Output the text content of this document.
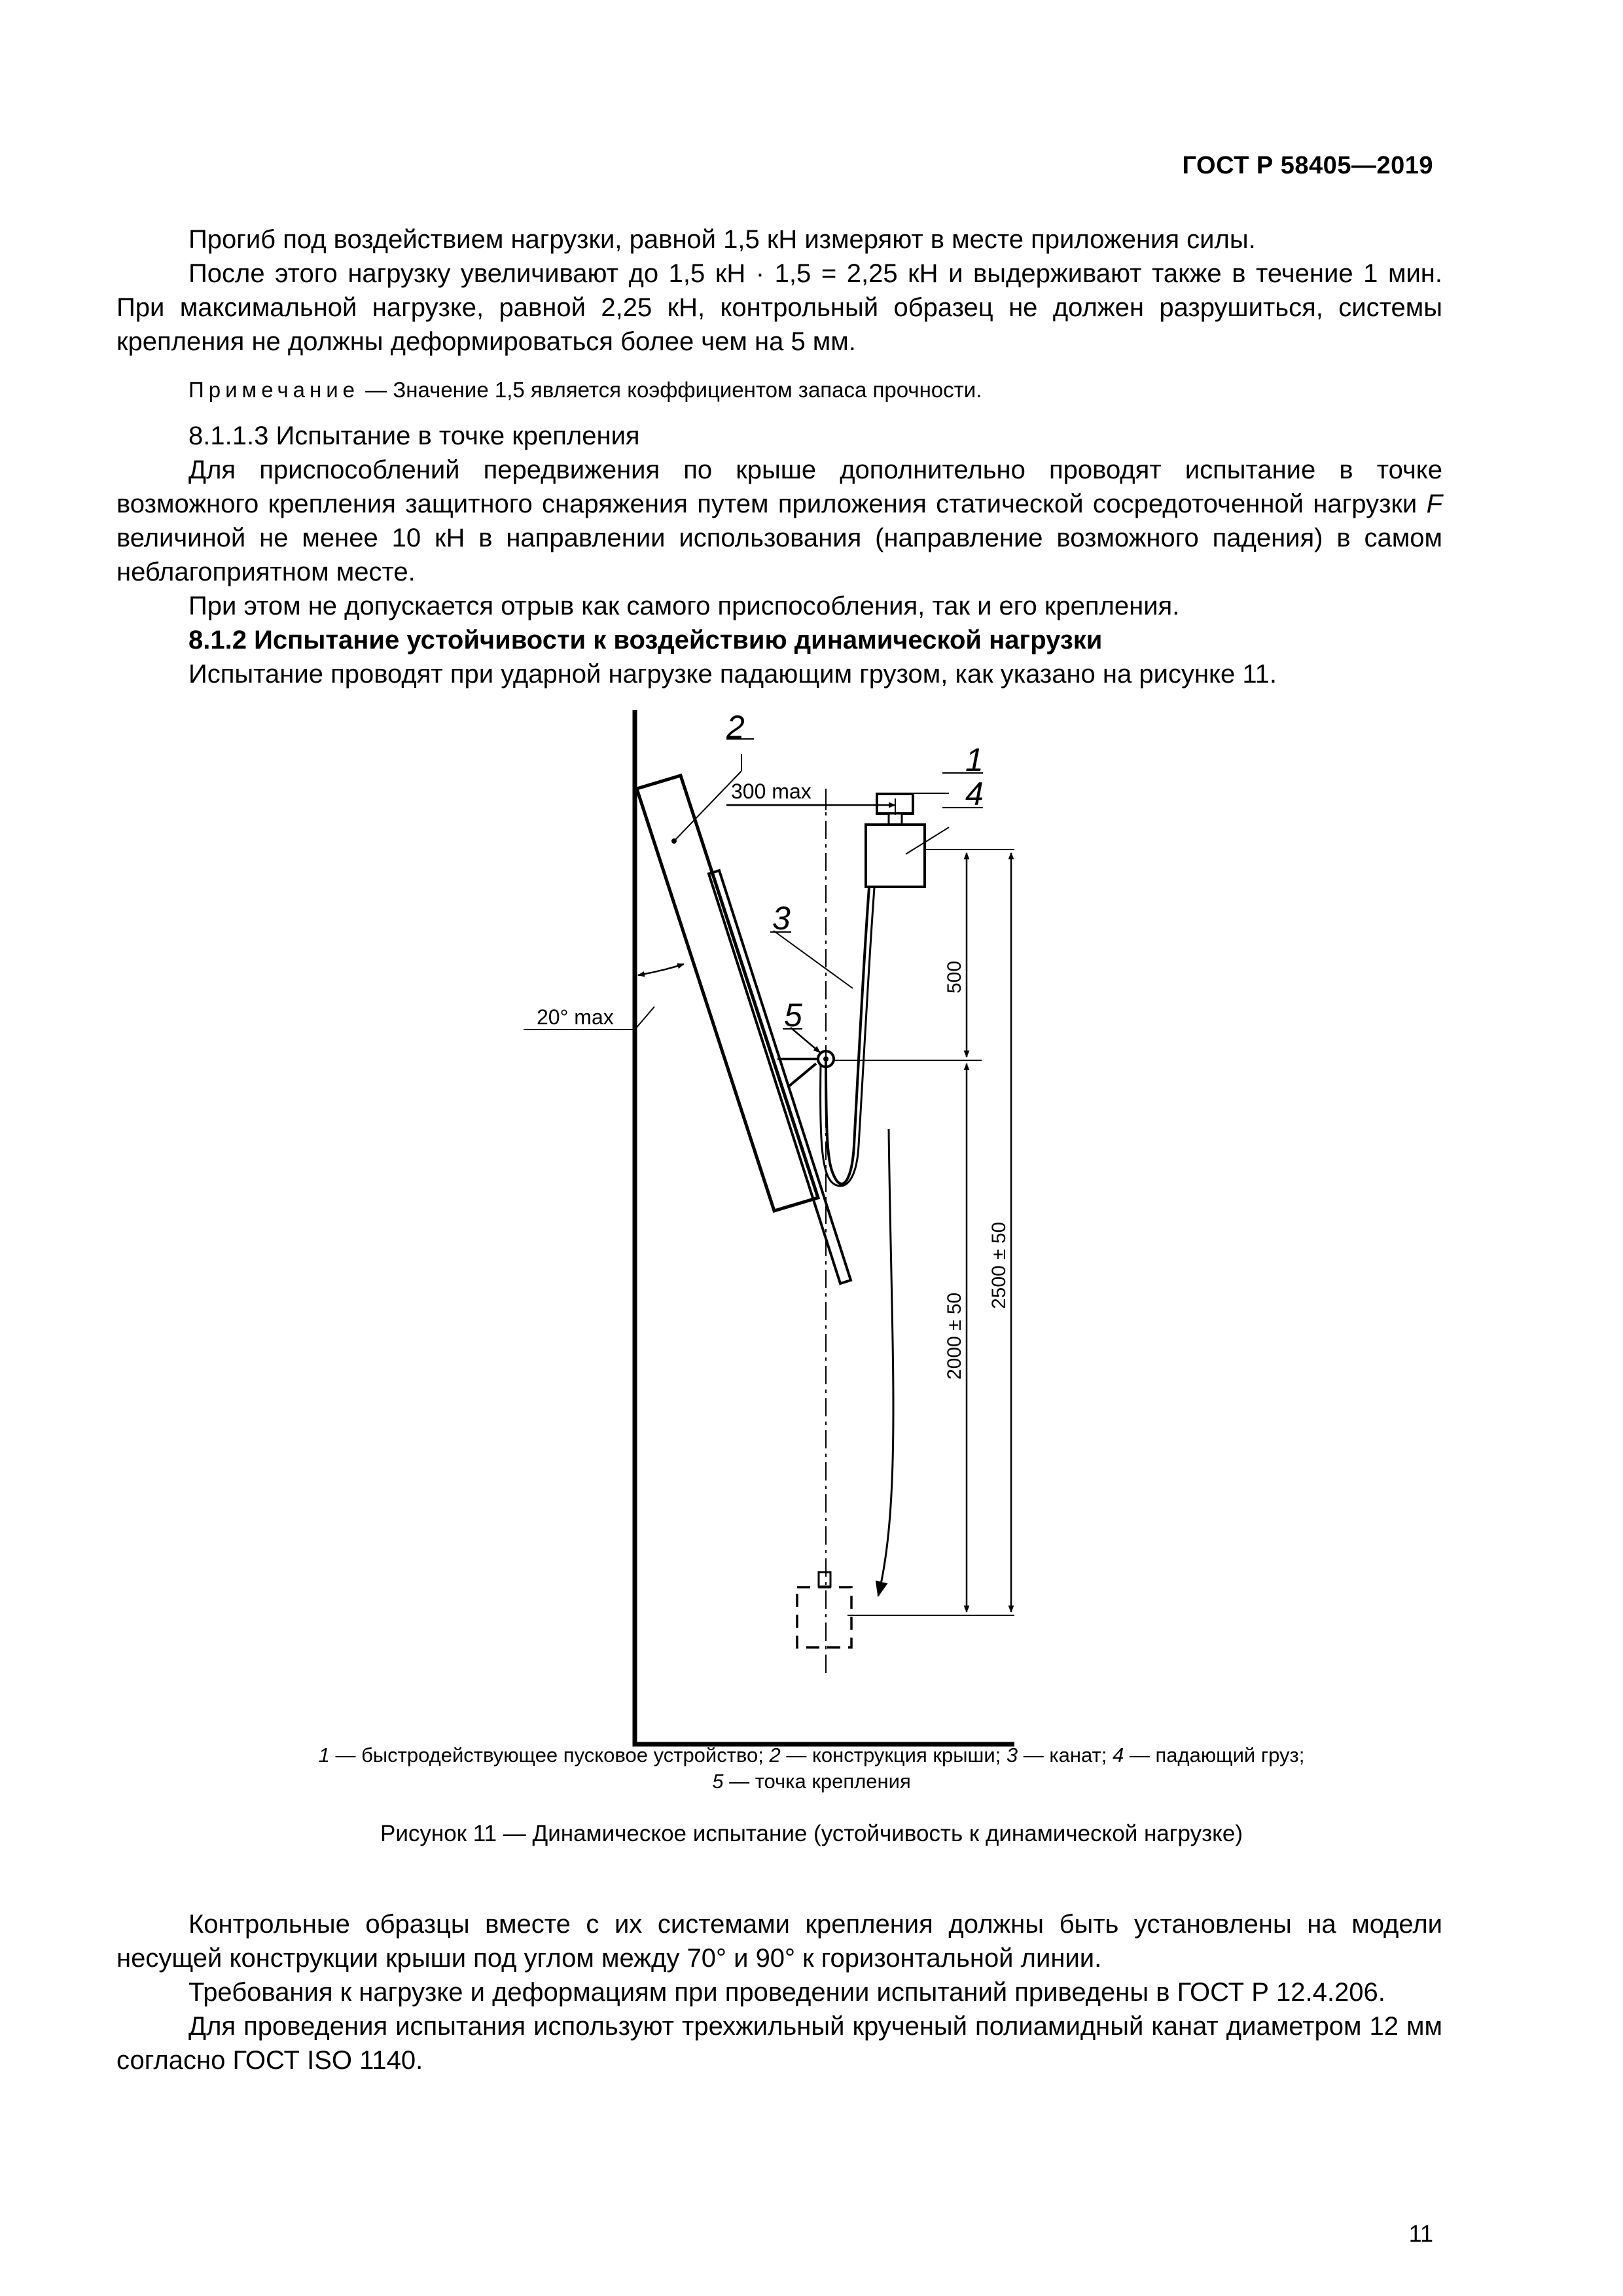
ГОСТ Р 58405—2019

Прогиб под воздействием нагрузки, равной 1,5 кН измеряют в месте приложения силы.

После этого нагрузку увеличивают до 1,5 кН · 1,5 = 2,25 кН и выдерживают также в течение 1 мин. При максимальной нагрузке, равной 2,25 кН, контрольный образец не должен разрушиться, системы крепления не должны деформироваться более чем на 5 мм.

Примечание — Значение 1,5 является коэффициентом запаса прочности.

8.1.1.3 Испытание в точке крепления

Для приспособлений передвижения по крыше дополнительно проводят испытание в точке возможного крепления защитного снаряжения путем приложения статической сосредоточенной нагрузки F величиной не менее 10 кН в направлении использования (направление возможного падения) в самом неблагоприятном месте.

При этом не допускается отрыв как самого приспособления, так и его крепления.

8.1.2 Испытание устойчивости к воздействию динамической нагрузки

Испытание проводят при ударной нагрузке падающим грузом, как указано на рисунке 11.

2
1
4
3
5
300 max
20° max
500
2000 ± 50
2500 ± 50
1 — быстродействующее пусковое устройство; 2 — конструкция крыши; 3 — канат; 4 — падающий груз;
5 — точка крепления
Рисунок 11 — Динамическое испытание (устойчивость к динамической нагрузке)

Контрольные образцы вместе с их системами крепления должны быть установлены на модели несущей конструкции крыши под углом между 70° и 90° к горизонтальной линии.

Требования к нагрузке и деформациям при проведении испытаний приведены в ГОСТ Р 12.4.206.

Для проведения испытания используют трехжильный крученый полиамидный канат диаметром 12 мм согласно ГОСТ ISO 1140.

11
